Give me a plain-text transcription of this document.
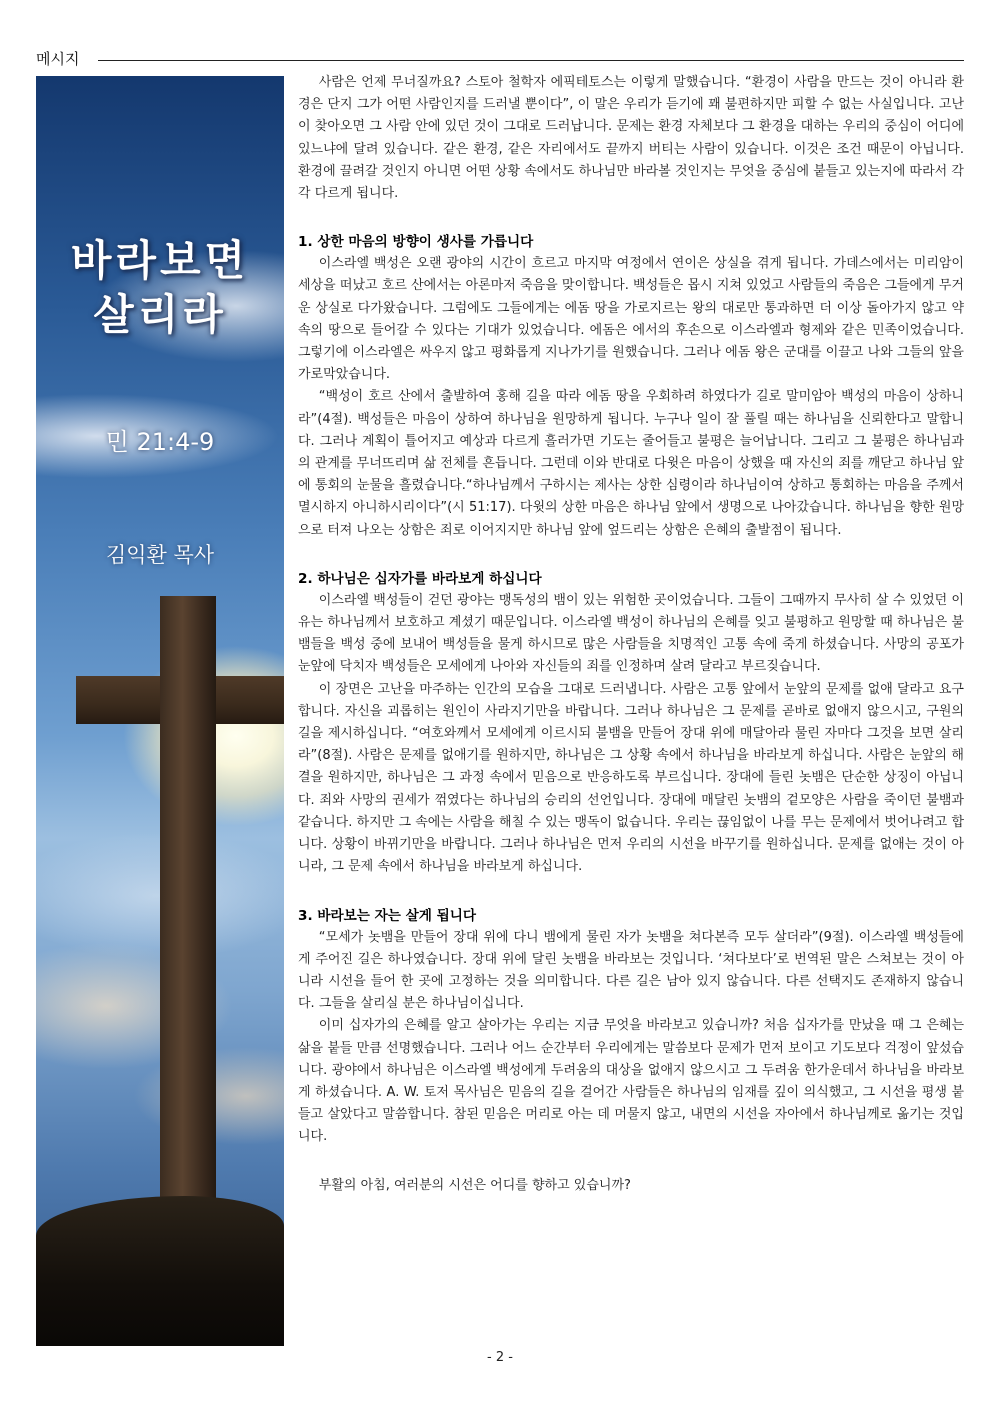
메시지
바라보면
살리라
민 21:4-9
김익환 목사

사람은 언제 무너질까요? 스토아 철학자 에픽테토스는 이렇게 말했습니다. “환경이 사람을 만드는 것이 아니라 환경은 단지 그가 어떤 사람인지를 드러낼 뿐이다”, 이 말은 우리가 듣기에 꽤 불편하지만 피할 수 없는 사실입니다. 고난이 찾아오면 그 사람 안에 있던 것이 그대로 드러납니다. 문제는 환경 자체보다 그 환경을 대하는 우리의 중심이 어디에 있느냐에 달려 있습니다. 같은 환경, 같은 자리에서도 끝까지 버티는 사람이 있습니다. 이것은 조건 때문이 아닙니다. 환경에 끌려갈 것인지 아니면 어떤 상황 속에서도 하나님만 바라볼 것인지는 무엇을 중심에 붙들고 있는지에 따라서 각각 다르게 됩니다.

1. 상한 마음의 방향이 생사를 가릅니다

이스라엘 백성은 오랜 광야의 시간이 흐르고 마지막 여정에서 연이은 상실을 겪게 됩니다. 가데스에서는 미리암이 세상을 떠났고 호르 산에서는 아론마저 죽음을 맞이합니다. 백성들은 몹시 지쳐 있었고 사람들의 죽음은 그들에게 무거운 상실로 다가왔습니다. 그럼에도 그들에게는 에돔 땅을 가로지르는 왕의 대로만 통과하면 더 이상 돌아가지 않고 약속의 땅으로 들어갈 수 있다는 기대가 있었습니다. 에돔은 에서의 후손으로 이스라엘과 형제와 같은 민족이었습니다. 그렇기에 이스라엘은 싸우지 않고 평화롭게 지나가기를 원했습니다. 그러나 에돔 왕은 군대를 이끌고 나와 그들의 앞을 가로막았습니다.

“백성이 호르 산에서 출발하여 홍해 길을 따라 에돔 땅을 우회하려 하였다가 길로 말미암아 백성의 마음이 상하니라”(4절). 백성들은 마음이 상하여 하나님을 원망하게 됩니다. 누구나 일이 잘 풀릴 때는 하나님을 신뢰한다고 말합니다. 그러나 계획이 틀어지고 예상과 다르게 흘러가면 기도는 줄어들고 불평은 늘어납니다. 그리고 그 불평은 하나님과의 관계를 무너뜨리며 삶 전체를 흔듭니다. 그런데 이와 반대로 다윗은 마음이 상했을 때 자신의 죄를 깨닫고 하나님 앞에 통회의 눈물을 흘렸습니다.“하나님께서 구하시는 제사는 상한 심령이라 하나님이여 상하고 통회하는 마음을 주께서 멸시하지 아니하시리이다”(시 51:17). 다윗의 상한 마음은 하나님 앞에서 생명으로 나아갔습니다. 하나님을 향한 원망으로 터져 나오는 상함은 죄로 이어지지만 하나님 앞에 엎드리는 상함은 은혜의 출발점이 됩니다.

2. 하나님은 십자가를 바라보게 하십니다

이스라엘 백성들이 걷던 광야는 맹독성의 뱀이 있는 위험한 곳이었습니다. 그들이 그때까지 무사히 살 수 있었던 이유는 하나님께서 보호하고 계셨기 때문입니다. 이스라엘 백성이 하나님의 은혜를 잊고 불평하고 원망할 때 하나님은 불뱀들을 백성 중에 보내어 백성들을 물게 하시므로 많은 사람들을 치명적인 고통 속에 죽게 하셨습니다. 사망의 공포가 눈앞에 닥치자 백성들은 모세에게 나아와 자신들의 죄를 인정하며 살려 달라고 부르짖습니다.

이 장면은 고난을 마주하는 인간의 모습을 그대로 드러냅니다. 사람은 고통 앞에서 눈앞의 문제를 없애 달라고 요구합니다. 자신을 괴롭히는 원인이 사라지기만을 바랍니다. 그러나 하나님은 그 문제를 곧바로 없애지 않으시고, 구원의 길을 제시하십니다. “여호와께서 모세에게 이르시되 불뱀을 만들어 장대 위에 매달아라 물린 자마다 그것을 보면 살리라”(8절). 사람은 문제를 없애기를 원하지만, 하나님은 그 상황 속에서 하나님을 바라보게 하십니다. 사람은 눈앞의 해결을 원하지만, 하나님은 그 과정 속에서 믿음으로 반응하도록 부르십니다. 장대에 들린 놋뱀은 단순한 상징이 아닙니다. 죄와 사망의 권세가 꺾였다는 하나님의 승리의 선언입니다. 장대에 매달린 놋뱀의 겉모양은 사람을 죽이던 불뱀과 같습니다. 하지만 그 속에는 사람을 해칠 수 있는 맹독이 없습니다. 우리는 끊임없이 나를 무는 문제에서 벗어나려고 합니다. 상황이 바뀌기만을 바랍니다. 그러나 하나님은 먼저 우리의 시선을 바꾸기를 원하십니다. 문제를 없애는 것이 아니라, 그 문제 속에서 하나님을 바라보게 하십니다.

3. 바라보는 자는 살게 됩니다

“모세가 놋뱀을 만들어 장대 위에 다니 뱀에게 물린 자가 놋뱀을 쳐다본즉 모두 살더라”(9절). 이스라엘 백성들에게 주어진 길은 하나였습니다. 장대 위에 달린 놋뱀을 바라보는 것입니다. ‘쳐다보다’로 번역된 말은 스쳐보는 것이 아니라 시선을 들어 한 곳에 고정하는 것을 의미합니다. 다른 길은 남아 있지 않습니다. 다른 선택지도 존재하지 않습니다. 그들을 살리실 분은 하나님이십니다.

이미 십자가의 은혜를 알고 살아가는 우리는 지금 무엇을 바라보고 있습니까? 처음 십자가를 만났을 때 그 은혜는 삶을 붙들 만큼 선명했습니다. 그러나 어느 순간부터 우리에게는 말씀보다 문제가 먼저 보이고 기도보다 걱정이 앞섰습니다. 광야에서 하나님은 이스라엘 백성에게 두려움의 대상을 없애지 않으시고 그 두려움 한가운데서 하나님을 바라보게 하셨습니다. A. W. 토저 목사님은 믿음의 길을 걸어간 사람들은 하나님의 임재를 깊이 의식했고, 그 시선을 평생 붙들고 살았다고 말씀합니다. 참된 믿음은 머리로 아는 데 머물지 않고, 내면의 시선을 자아에서 하나님께로 옮기는 것입니다.

부활의 아침, 여러분의 시선은 어디를 향하고 있습니까?

- 2 -
